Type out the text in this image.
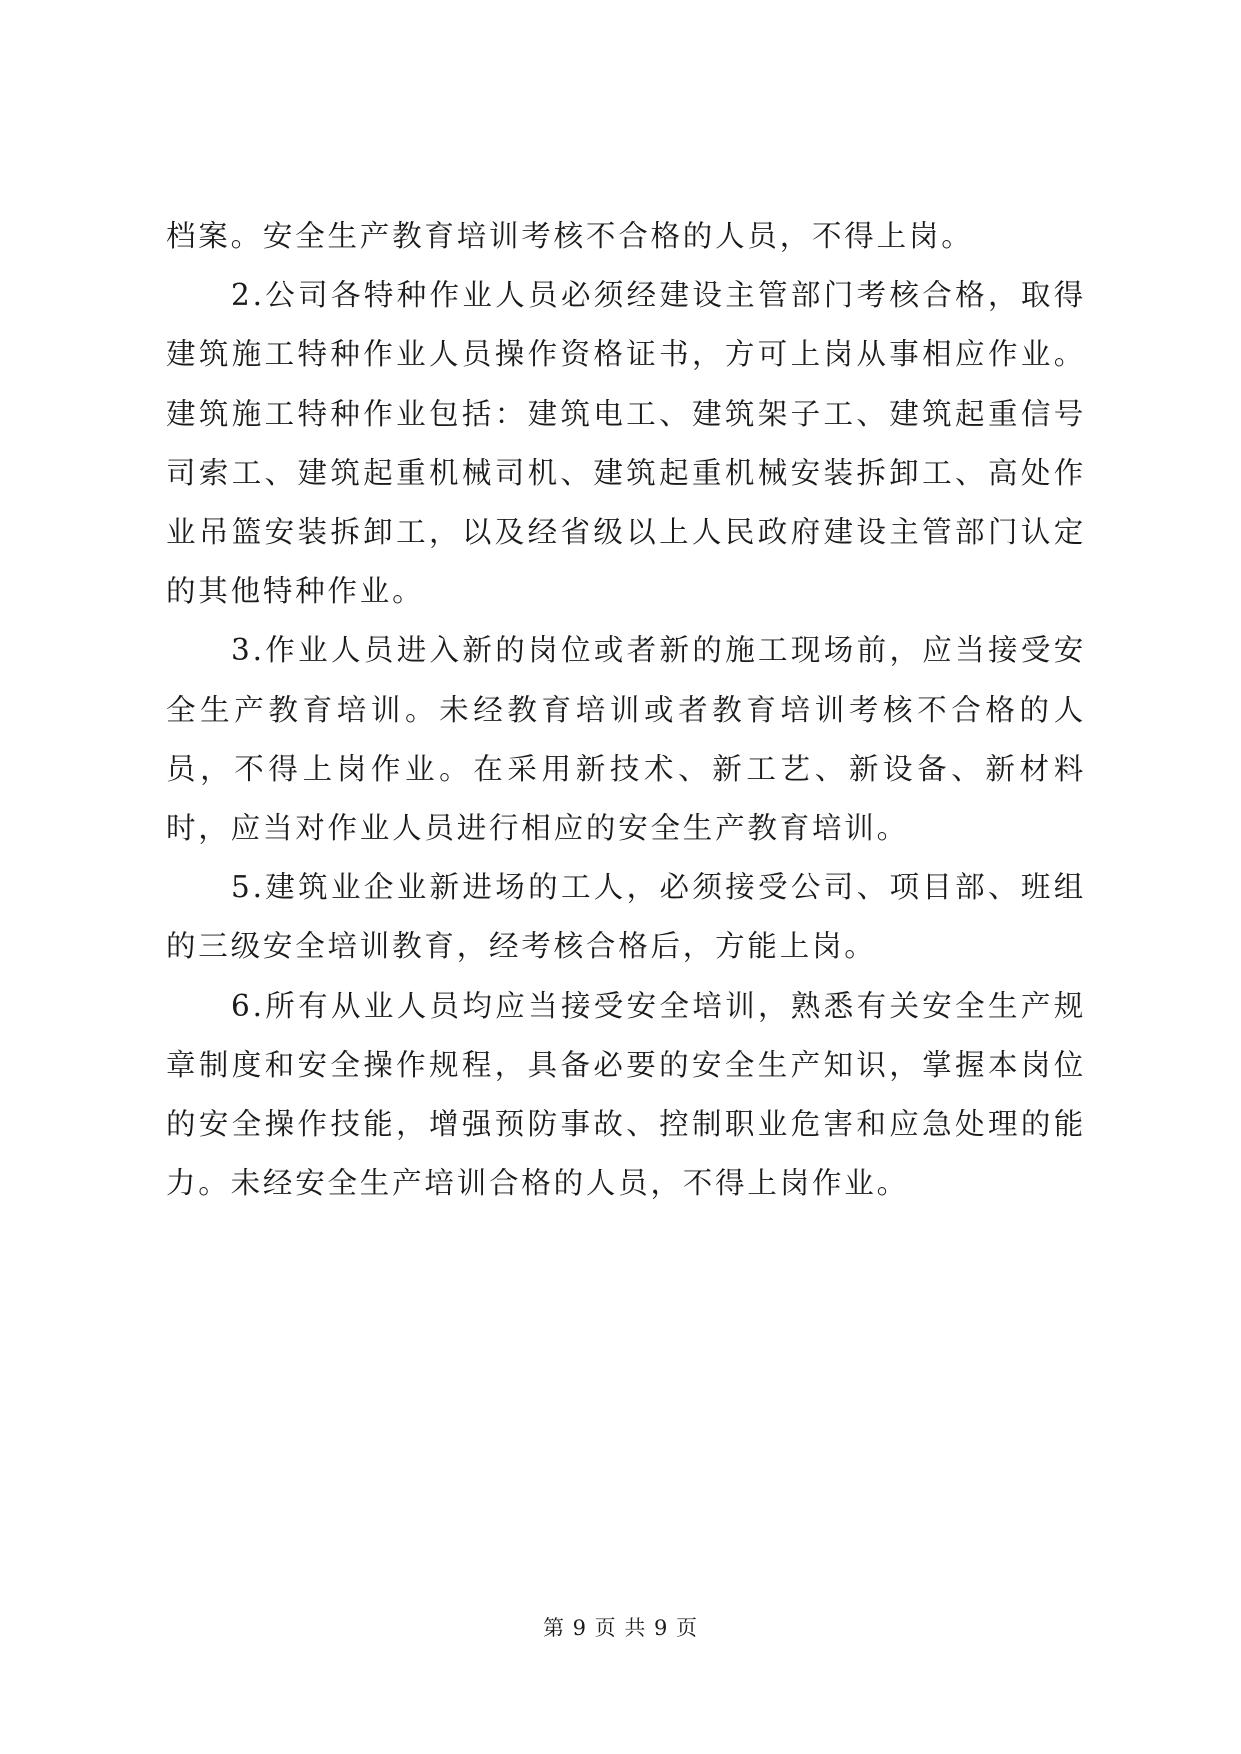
档案。安全生产教育培训考核不合格的人员，不得上岗。

2.公司各特种作业人员必须经建设主管部门考核合格，取得建筑施工特种作业人员操作资格证书，方可上岗从事相应作业。建筑施工特种作业包括：建筑电工、建筑架子工、建筑起重信号司索工、建筑起重机械司机、建筑起重机械安装拆卸工、高处作业吊篮安装拆卸工，以及经省级以上人民政府建设主管部门认定的其他特种作业。

3.作业人员进入新的岗位或者新的施工现场前，应当接受安全生产教育培训。未经教育培训或者教育培训考核不合格的人员，不得上岗作业。在采用新技术、新工艺、新设备、新材料时，应当对作业人员进行相应的安全生产教育培训。

5.建筑业企业新进场的工人，必须接受公司、项目部、班组的三级安全培训教育，经考核合格后，方能上岗。

6.所有从业人员均应当接受安全培训，熟悉有关安全生产规章制度和安全操作规程，具备必要的安全生产知识，掌握本岗位的安全操作技能，增强预防事故、控制职业危害和应急处理的能力。未经安全生产培训合格的人员，不得上岗作业。

第 9 页 共 9 页
